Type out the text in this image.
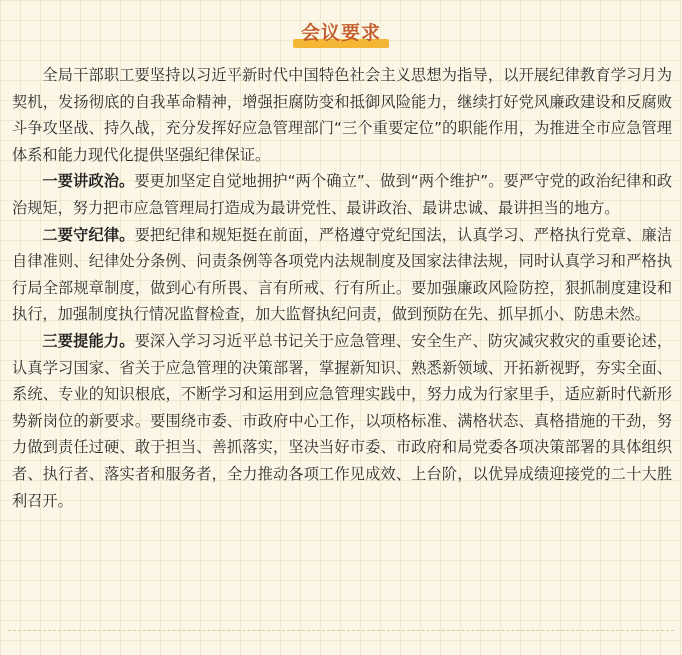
会议要求

全局干部职工要坚持以习近平新时代中国特色社会主义思想为指导，以开展纪律教育学习月为契机，发扬彻底的自我革命精神，增强拒腐防变和抵御风险能力，继续打好党风廉政建设和反腐败斗争攻坚战、持久战，充分发挥好应急管理部门“三个重要定位”的职能作用，为推进全市应急管理体系和能力现代化提供坚强纪律保证。

一要讲政治。要更加坚定自觉地拥护“两个确立”、做到“两个维护”。要严守党的政治纪律和政治规矩，努力把市应急管理局打造成为最讲党性、最讲政治、最讲忠诚、最讲担当的地方。

二要守纪律。要把纪律和规矩挺在前面，严格遵守党纪国法，认真学习、严格执行党章、廉洁自律准则、纪律处分条例、问责条例等各项党内法规制度及国家法律法规，同时认真学习和严格执行局全部规章制度，做到心有所畏、言有所戒、行有所止。要加强廉政风险防控，狠抓制度建设和执行，加强制度执行情况监督检查，加大监督执纪问责，做到预防在先、抓早抓小、防患未然。

三要提能力。要深入学习习近平总书记关于应急管理、安全生产、防灾减灾救灾的重要论述，认真学习国家、省关于应急管理的决策部署，掌握新知识、熟悉新领域、开拓新视野，夯实全面、系统、专业的知识根底，不断学习和运用到应急管理实践中，努力成为行家里手，适应新时代新形势新岗位的新要求。要围绕市委、市政府中心工作，以项格标准、满格状态、真格措施的干劲，努力做到责任过硬、敢于担当、善抓落实，坚决当好市委、市政府和局党委各项决策部署的具体组织者、执行者、落实者和服务者，全力推动各项工作见成效、上台阶，以优异成绩迎接党的二十大胜利召开。
